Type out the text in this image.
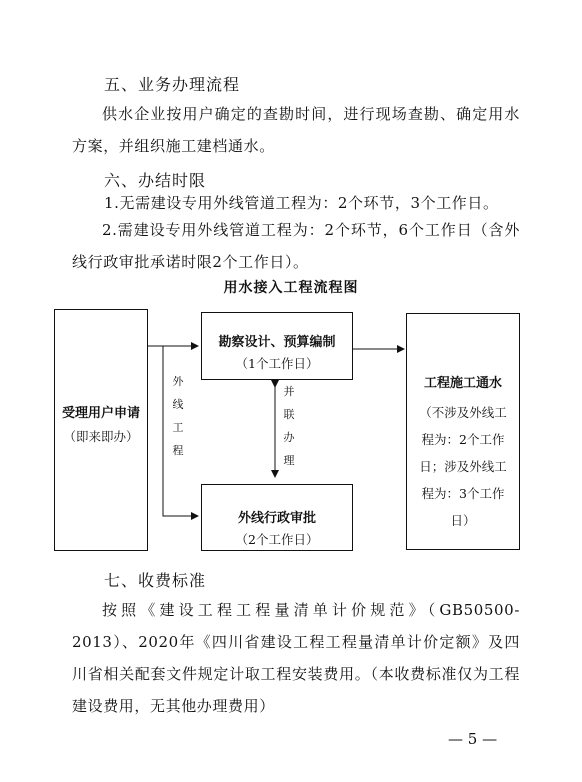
五、业务办理流程
供水企业按用户确定的查勘时间，进行现场查勘、确定用水方案，并组织施工建档通水。
六、办结时限
1.无需建设专用外线管道工程为：2个环节，3个工作日。
2.需建设专用外线管道工程为：2个环节，6个工作日（含外线行政审批承诺时限2个工作日）。
用水接入工程流程图
受理用户申请
（即来即办）
勘察设计、预算编制
（1个工作日）
外线行政审批
（2个工作日）
工程施工通水
（不涉及外线工程为：2个工作日；涉及外线工程为：3个工作日）
外线工程
并联办理
七、收费标准
按照《建设工程工程量清单计价规范》（GB50500-2013）、2020年《四川省建设工程工程量清单计价定额》及四川省相关配套文件规定计取工程安装费用。（本收费标准仅为工程建设费用，无其他办理费用）
— 5 —
